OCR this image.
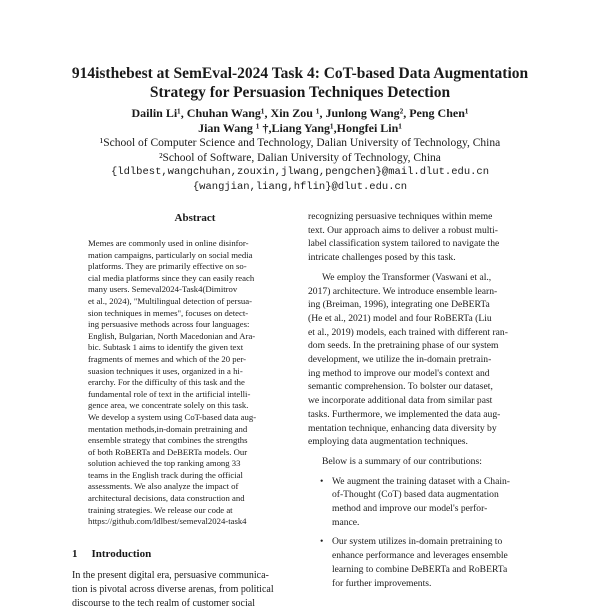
914isthebest at SemEval-2024 Task 4: CoT-based Data Augmentation
Strategy for Persuasion Techniques Detection
Dailin Li¹, Chuhan Wang¹, Xin Zou ¹, Junlong Wang², Peng Chen¹
Jian Wang ¹ †,Liang Yang¹,Hongfei Lin¹
¹School of Computer Science and Technology, Dalian University of Technology, China
²School of Software, Dalian University of Technology, China
{ldlbest,wangchuhan,zouxin,jlwang,pengchen}@mail.dlut.edu.cn
{wangjian,liang,hflin}@dlut.edu.cn
Abstract
Memes are commonly used in online disinfor-
mation campaigns, particularly on social media
platforms. They are primarily effective on so-
cial media platforms since they can easily reach
many users. Semeval2024-Task4(Dimitrov
et al., 2024), "Multilingual detection of persua-
sion techniques in memes", focuses on detect-
ing persuasive methods across four languages:
English, Bulgarian, North Macedonian and Ara-
bic. Subtask 1 aims to identify the given text
fragments of memes and which of the 20 per-
suasion techniques it uses, organized in a hi-
erarchy. For the difficulty of this task and the
fundamental role of text in the artificial intelli-
gence area, we concentrate solely on this task.
We develop a system using CoT-based data aug-
mentation methods,in-domain pretraining and
ensemble strategy that combines the strengths
of both RoBERTa and DeBERTa models. Our
solution achieved the top ranking among 33
teams in the English track during the official
assessments. We also analyze the impact of
architectural decisions, data construction and
training strategies. We release our code at
https://github.com/ldlbest/semeval2024-task4
1 Introduction
In the present digital era, persuasive communica-
tion is pivotal across diverse arenas, from political
discourse to the tech realm of customer social
recognizing persuasive techniques within meme
text. Our approach aims to deliver a robust multi-
label classification system tailored to navigate the
intricate challenges posed by this task.
We employ the Transformer (Vaswani et al.,
2017) architecture. We introduce ensemble learn-
ing (Breiman, 1996), integrating one DeBERTa
(He et al., 2021) model and four RoBERTa (Liu
et al., 2019) models, each trained with different ran-
dom seeds. In the pretraining phase of our system
development, we utilize the in-domain pretrain-
ing method to improve our model's context and
semantic comprehension. To bolster our dataset,
we incorporate additional data from similar past
tasks. Furthermore, we implemented the data aug-
mentation technique, enhancing data diversity by
employing data augmentation techniques.
Below is a summary of our contributions:
• We augment the training dataset with a Chain-
of-Thought (CoT) based data augmentation
method and improve our model's perfor-
mance.
• Our system utilizes in-domain pretraining to
enhance performance and leverages ensemble
learning to combine DeBERTa and RoBERTa
for further improvements.
